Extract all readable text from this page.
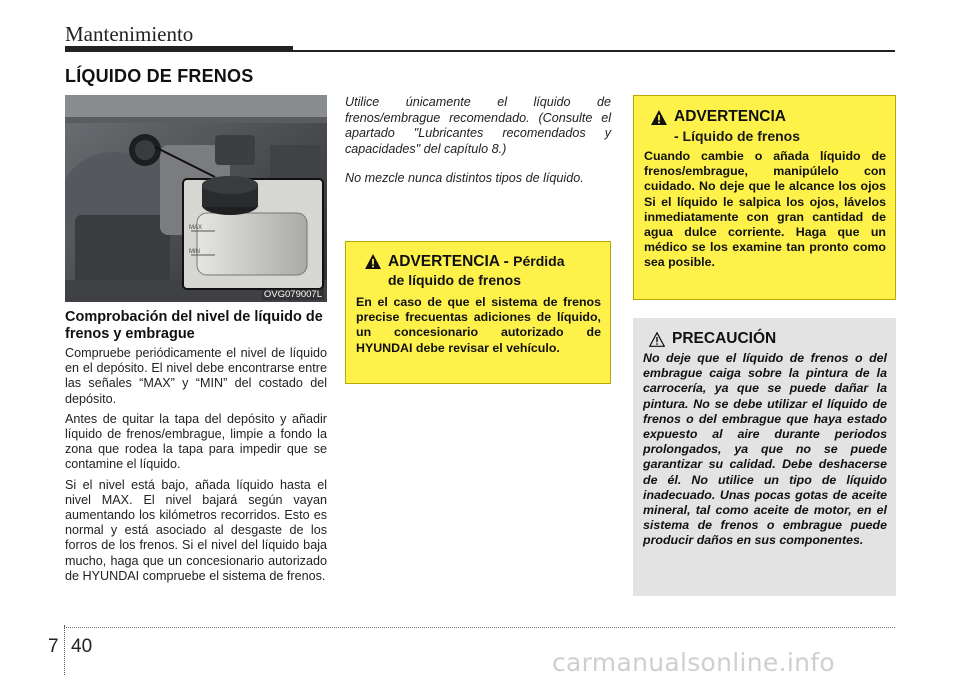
Mantenimiento
LÍQUIDO DE FRENOS
MAX
MIN
OVG079007L
Comprobación del nivel de líquido de frenos y embrague

Compruebe periódicamente el nivel de líquido en el depósito. El nivel debe encontrarse entre las señales “MAX” y “MIN” del costado del depósito.

Antes de quitar la tapa del depósito y añadir líquido de frenos/embrague, limpie a fondo la zona que rodea la tapa para impedir que se contamine el líquido.

Si el nivel está bajo, añada líquido hasta el nivel MAX. El nivel bajará según vayan aumentando los kilómetros recorridos. Esto es normal y está asociado al desgaste de los forros de los frenos. Si el nivel del líquido baja mucho, haga que un concesionario autorizado de HYUNDAI compruebe el sistema de frenos.

Utilice únicamente el líquido de frenos/embrague recomendado. (Consulte el apartado "Lubricantes recomendados y capacidades" del capítulo 8.)

No mezcle nunca distintos tipos de líquido.

ADVERTENCIA - Pérdida
de líquido de frenos
En el caso de que el sistema de frenos precise frecuentas adiciones de líquido, un concesionario autorizado de HYUNDAI debe revisar el vehículo.
ADVERTENCIA
- Líquido de frenos
Cuando cambie o añada líquido de frenos/embrague, manipúlelo con cuidado. No deje que le alcance los ojos Si el líquido le salpica los ojos, lávelos inmediatamente con gran cantidad de agua dulce corriente. Haga que un médico se los examine tan pronto como sea posible.
PRECAUCIÓN
No deje que el líquido de frenos o del embrague caiga sobre la pintura de la carrocería, ya que se puede dañar la pintura. No se debe utilizar el líquido de frenos o del embrague que haya estado expuesto al aire durante periodos prolongados, ya que no se puede garantizar su calidad. Debe deshacerse de él. No utilice un tipo de líquido inadecuado. Unas pocas gotas de aceite mineral, tal como aceite de motor, en el sistema de frenos o embrague puede producir daños en sus componentes.
7 40
carmanualsonline.info
